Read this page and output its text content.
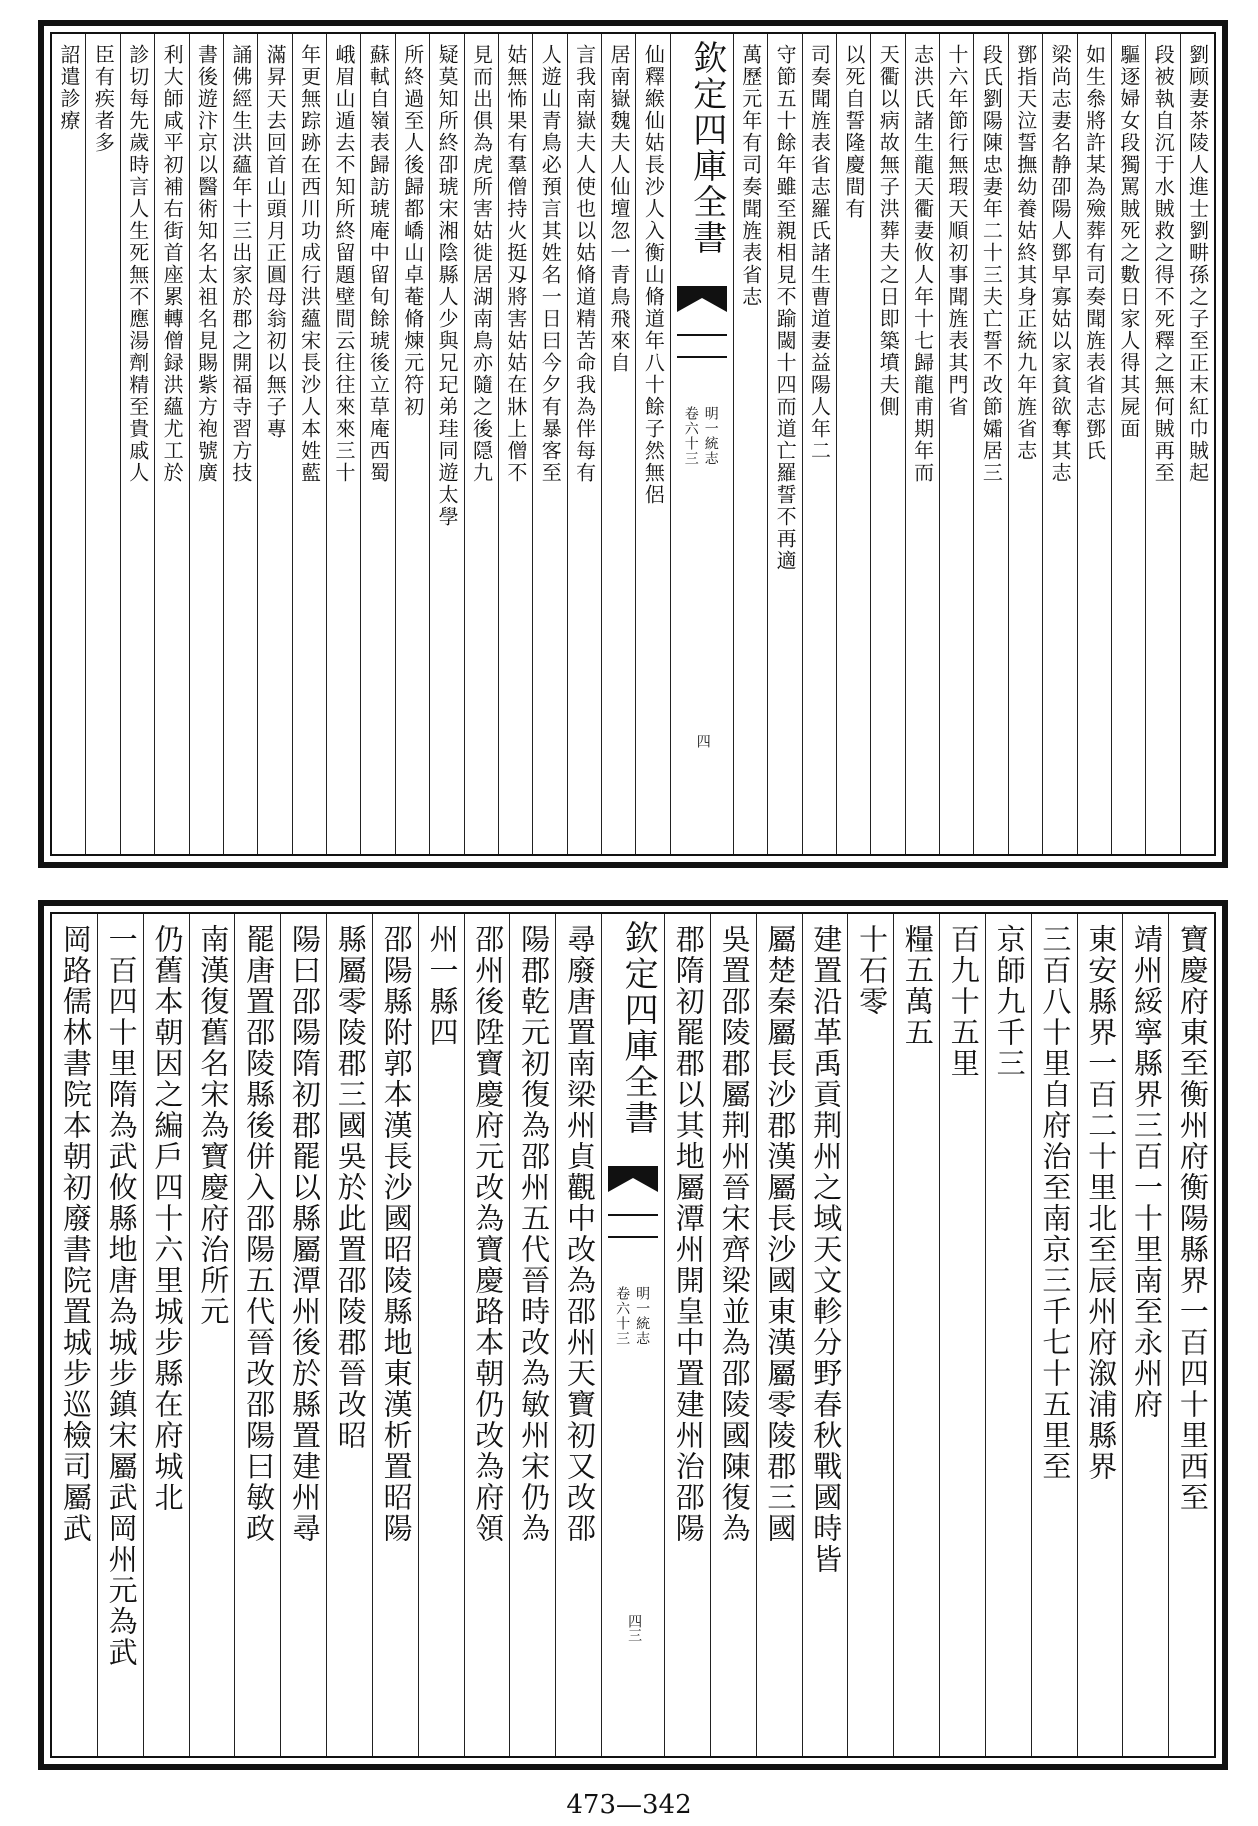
劉顾妻茶陵人進士劉畊孫之子至正末紅巾賊起
段被執自沉于水賊救之得不死釋之無何賊再至
驅逐婦女段獨罵賊死之數日家人得其屍面
如生叅將許某為殮葬有司奏聞旌表省志鄧氏
梁尚志妻名静卲陽人鄧早寡姑以家貧欲奪其志
鄧指天泣誓撫幼養姑終其身正統九年旌省志
段氏劉陽陳忠妻年二十三夫亡誓不改節孀居三
十六年節行無瑕天順初事聞旌表其門省
志洪氏諸生龍天衢妻攸人年十七歸龍甫期年而
天衢以病故無子洪葬夫之日即築墳夫側
以死自誓隆慶間有
司奏聞旌表省志羅氏諸生曹道妻益陽人年二
守節五十餘年雖至親相見不踰閾十四而道亡羅誓不再適
萬歷元年有司奏聞旌表省志
欽定四庫全書
明一統志
卷六十三
四
仙釋緱仙姑長沙人入衡山脩道年八十餘子然無侶
居南嶽魏夫人仙壇忽一青鳥飛來自
言我南嶽夫人使也以姑脩道精苦命我為伴每有
人遊山青鳥必預言其姓名一日曰今夕有暴客至
姑無怖果有羣僧持火挺刄將害姑姑在牀上僧不
見而出俱為虎所害姑徙居湖南鳥亦隨之後隠九
疑莫知所終卲琥宋湘陰縣人少與兄玘弟珪同遊太學
所終過至人後歸都嶠山卓菴脩煉元符初
蘇軾自嶺表歸訪琥庵中留旬餘琥後立草庵西蜀
峨眉山遁去不知所終留題壁間云往往來來三十
年更無踪跡在西川功成行洪蘊宋長沙人本姓藍
滿昇天去回首山頭月正圓母翁初以無子專
誦佛經生洪蘊年十三出家於郡之開福寺習方技
書後遊汴京以醫術知名太祖名見賜紫方袍號廣
利大師咸平初補右街首座累轉僧録洪蘊尤工於
診切每先歲時言人生死無不應湯劑精至貴戚人
臣有疾者多
詔遣診療
寶慶府東至衡州府衡陽縣界一百四十里西至
靖州綏寧縣界三百一十里南至永州府
東安縣界一百二十里北至辰州府溆浦縣界
三百八十里自府治至南京三千七十五里至
京師九千三
百九十五里
糧五萬五
十石零
建置沿革禹貢荆州之域天文軫分野春秋戰國時皆
屬楚秦屬長沙郡漢屬長沙國東漢屬零陵郡三國
吳置邵陵郡屬荆州晉宋齊梁並為邵陵國陳復為
郡隋初罷郡以其地屬潭州開皇中置建州治邵陽
欽定四庫全書
明一統志
卷六十三
四三
尋廢唐置南梁州貞觀中改為邵州天寶初又改邵
陽郡乾元初復為邵州五代晉時改為敏州宋仍為
邵州後陞寶慶府元改為寶慶路本朝仍改為府領
州一縣四
邵陽縣附郭本漢長沙國昭陵縣地東漢析置昭陽
縣屬零陵郡三國吳於此置邵陵郡晉改昭
陽曰邵陽隋初郡罷以縣屬潭州後於縣置建州尋
罷唐置邵陵縣後併入邵陽五代晉改邵陽曰敏政
南漢復舊名宋為寶慶府治所元
仍舊本朝因之編戶四十六里城步縣在府城北
一百四十里隋為武攸縣地唐為城步鎮宋屬武岡州元為武
岡路儒林書院本朝初廢書院置城步巡檢司屬武
473—342
